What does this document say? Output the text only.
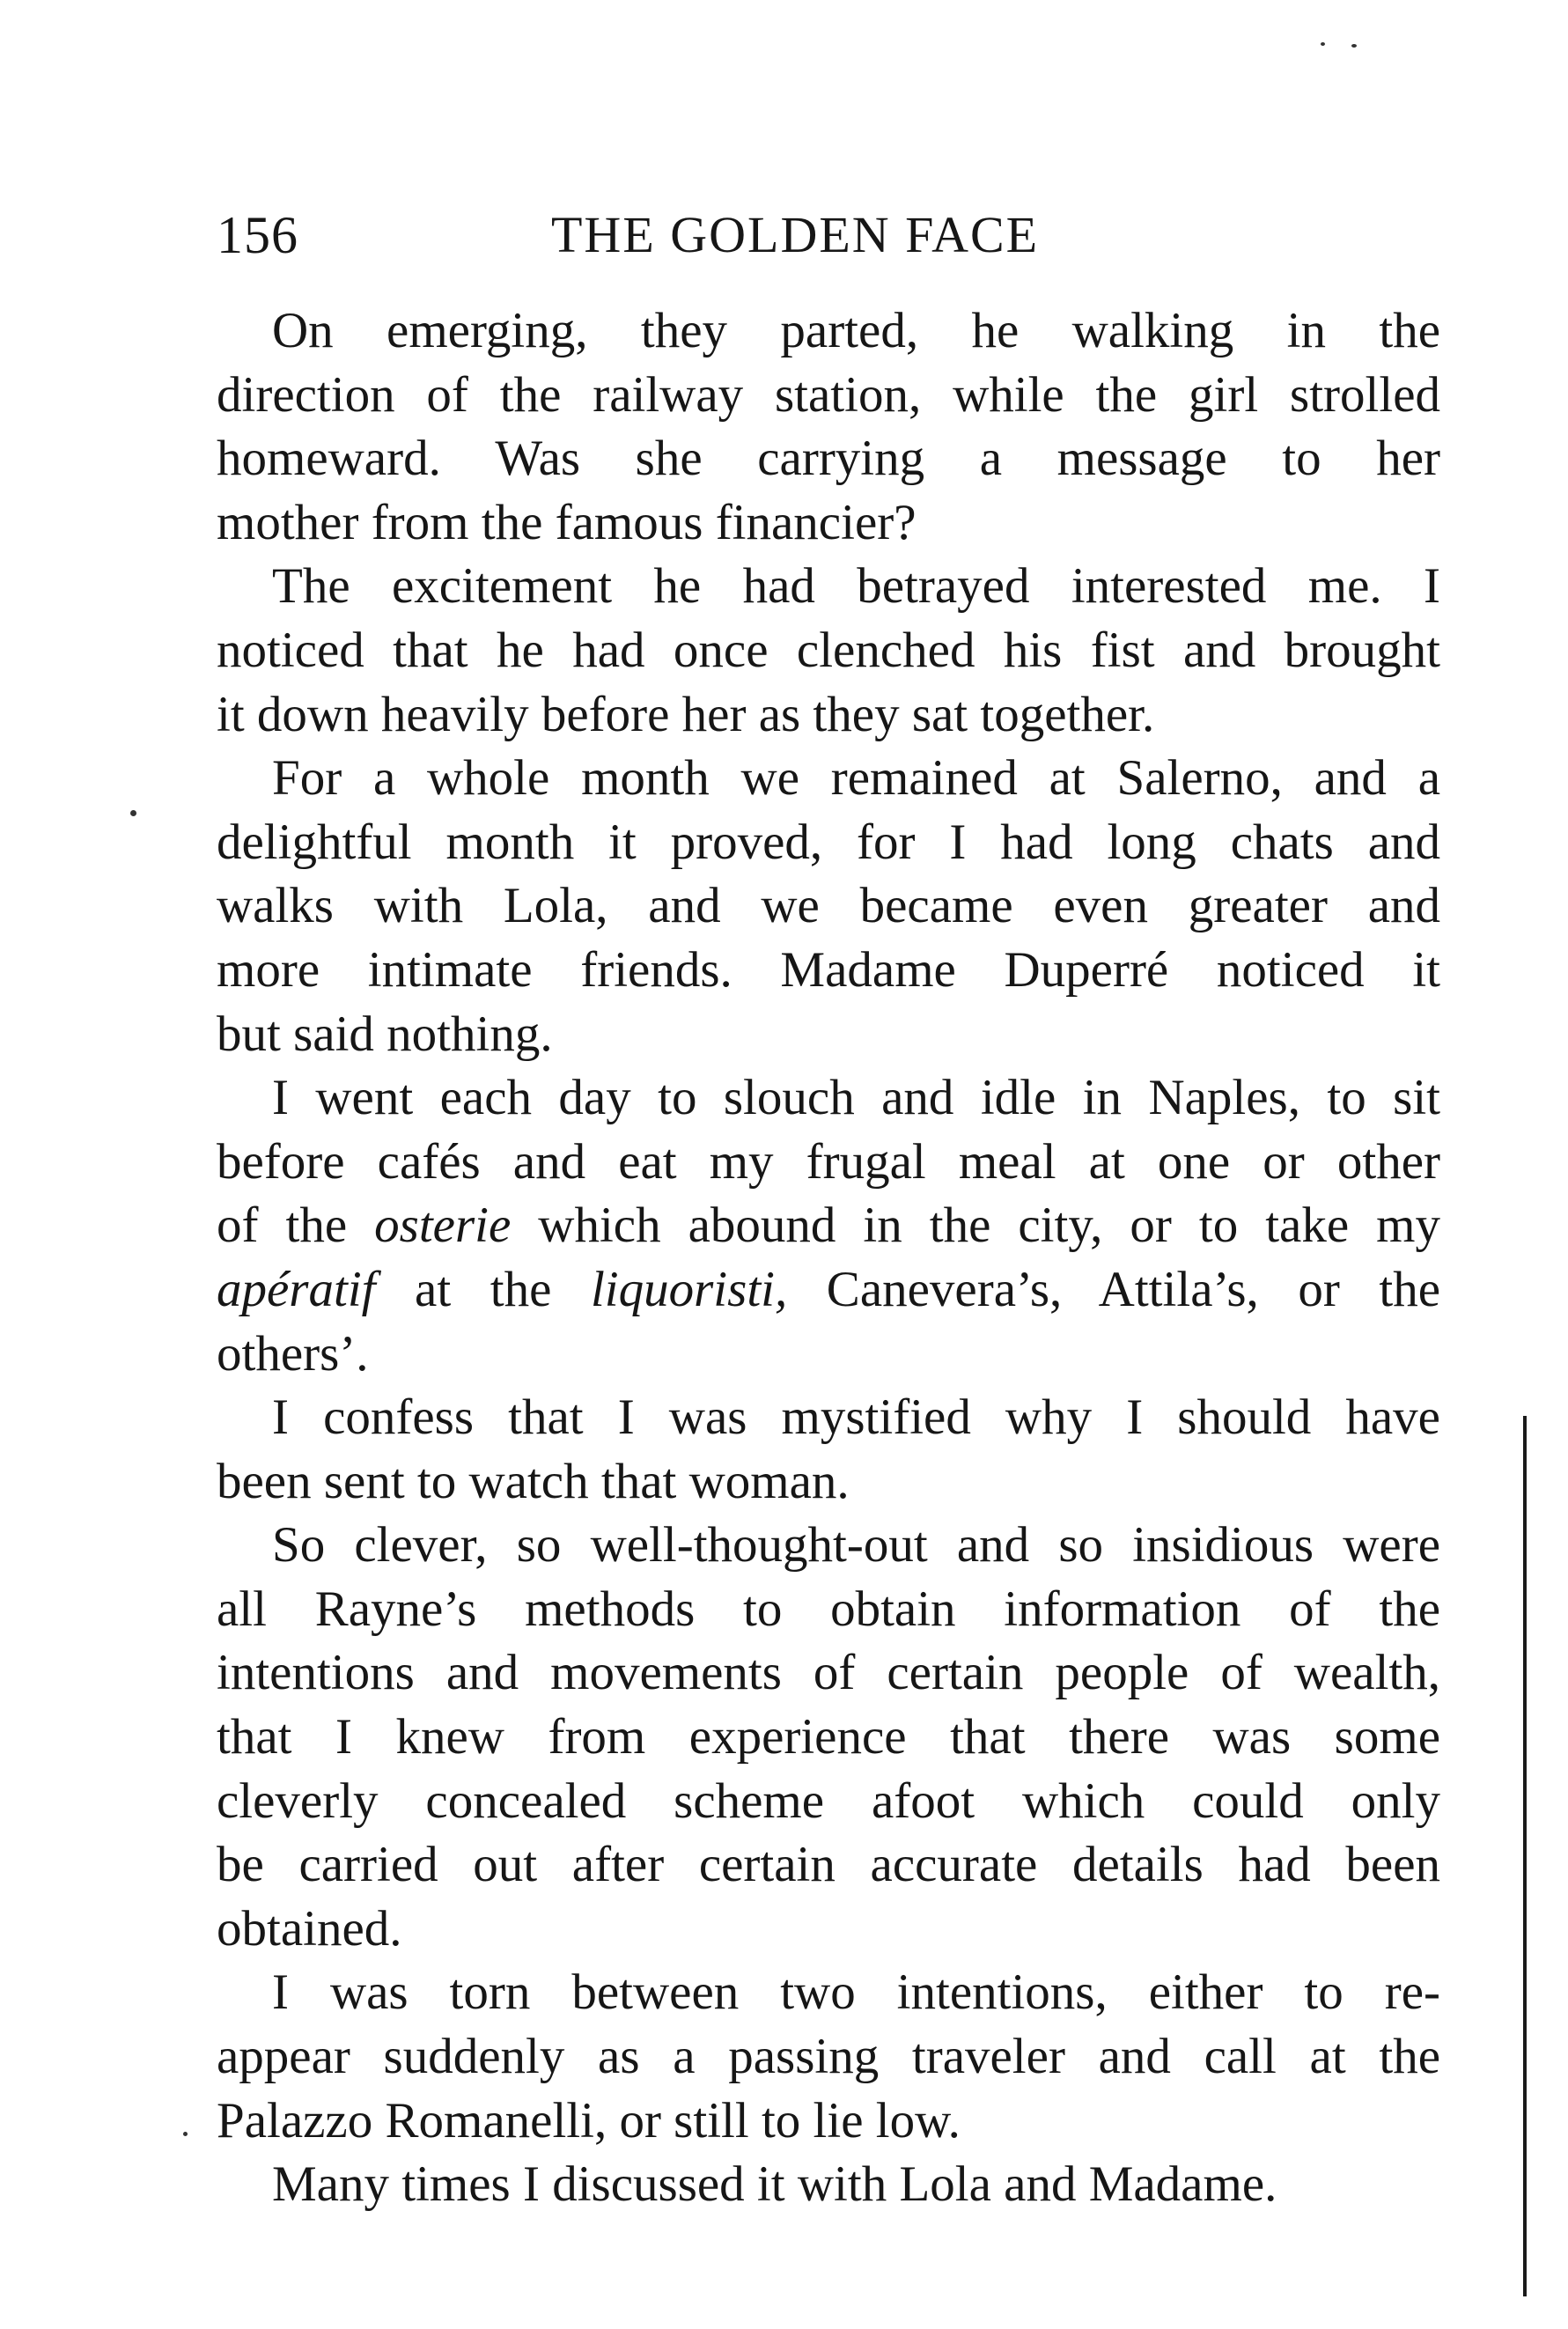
156	THE GOLDEN FACE

On emerging, they parted, he walking in the
direction of the railway station, while the girl strolled
homeward. Was she carrying a message to her
mother from the famous financier?

The excitement he had betrayed interested me. I
noticed that he had once clenched his fist and brought
it down heavily before her as they sat together.

For a whole month we remained at Salerno, and a
delightful month it proved, for I had long chats and
walks with Lola, and we became even greater and
more intimate friends. Madame Duperré noticed it
but said nothing.

I went each day to slouch and idle in Naples, to sit
before cafés and eat my frugal meal at one or other
of the osterie which abound in the city, or to take my
apératif at the liquoristi, Canevera’s, Attila’s, or the
others’.

I confess that I was mystified why I should have
been sent to watch that woman.

So clever, so well-thought-out and so insidious were
all Rayne’s methods to obtain information of the
intentions and movements of certain people of wealth,
that I knew from experience that there was some
cleverly concealed scheme afoot which could only
be carried out after certain accurate details had been
obtained.

I was torn between two intentions, either to re-
appear suddenly as a passing traveler and call at the
Palazzo Romanelli, or still to lie low.

Many times I discussed it with Lola and Madame.
